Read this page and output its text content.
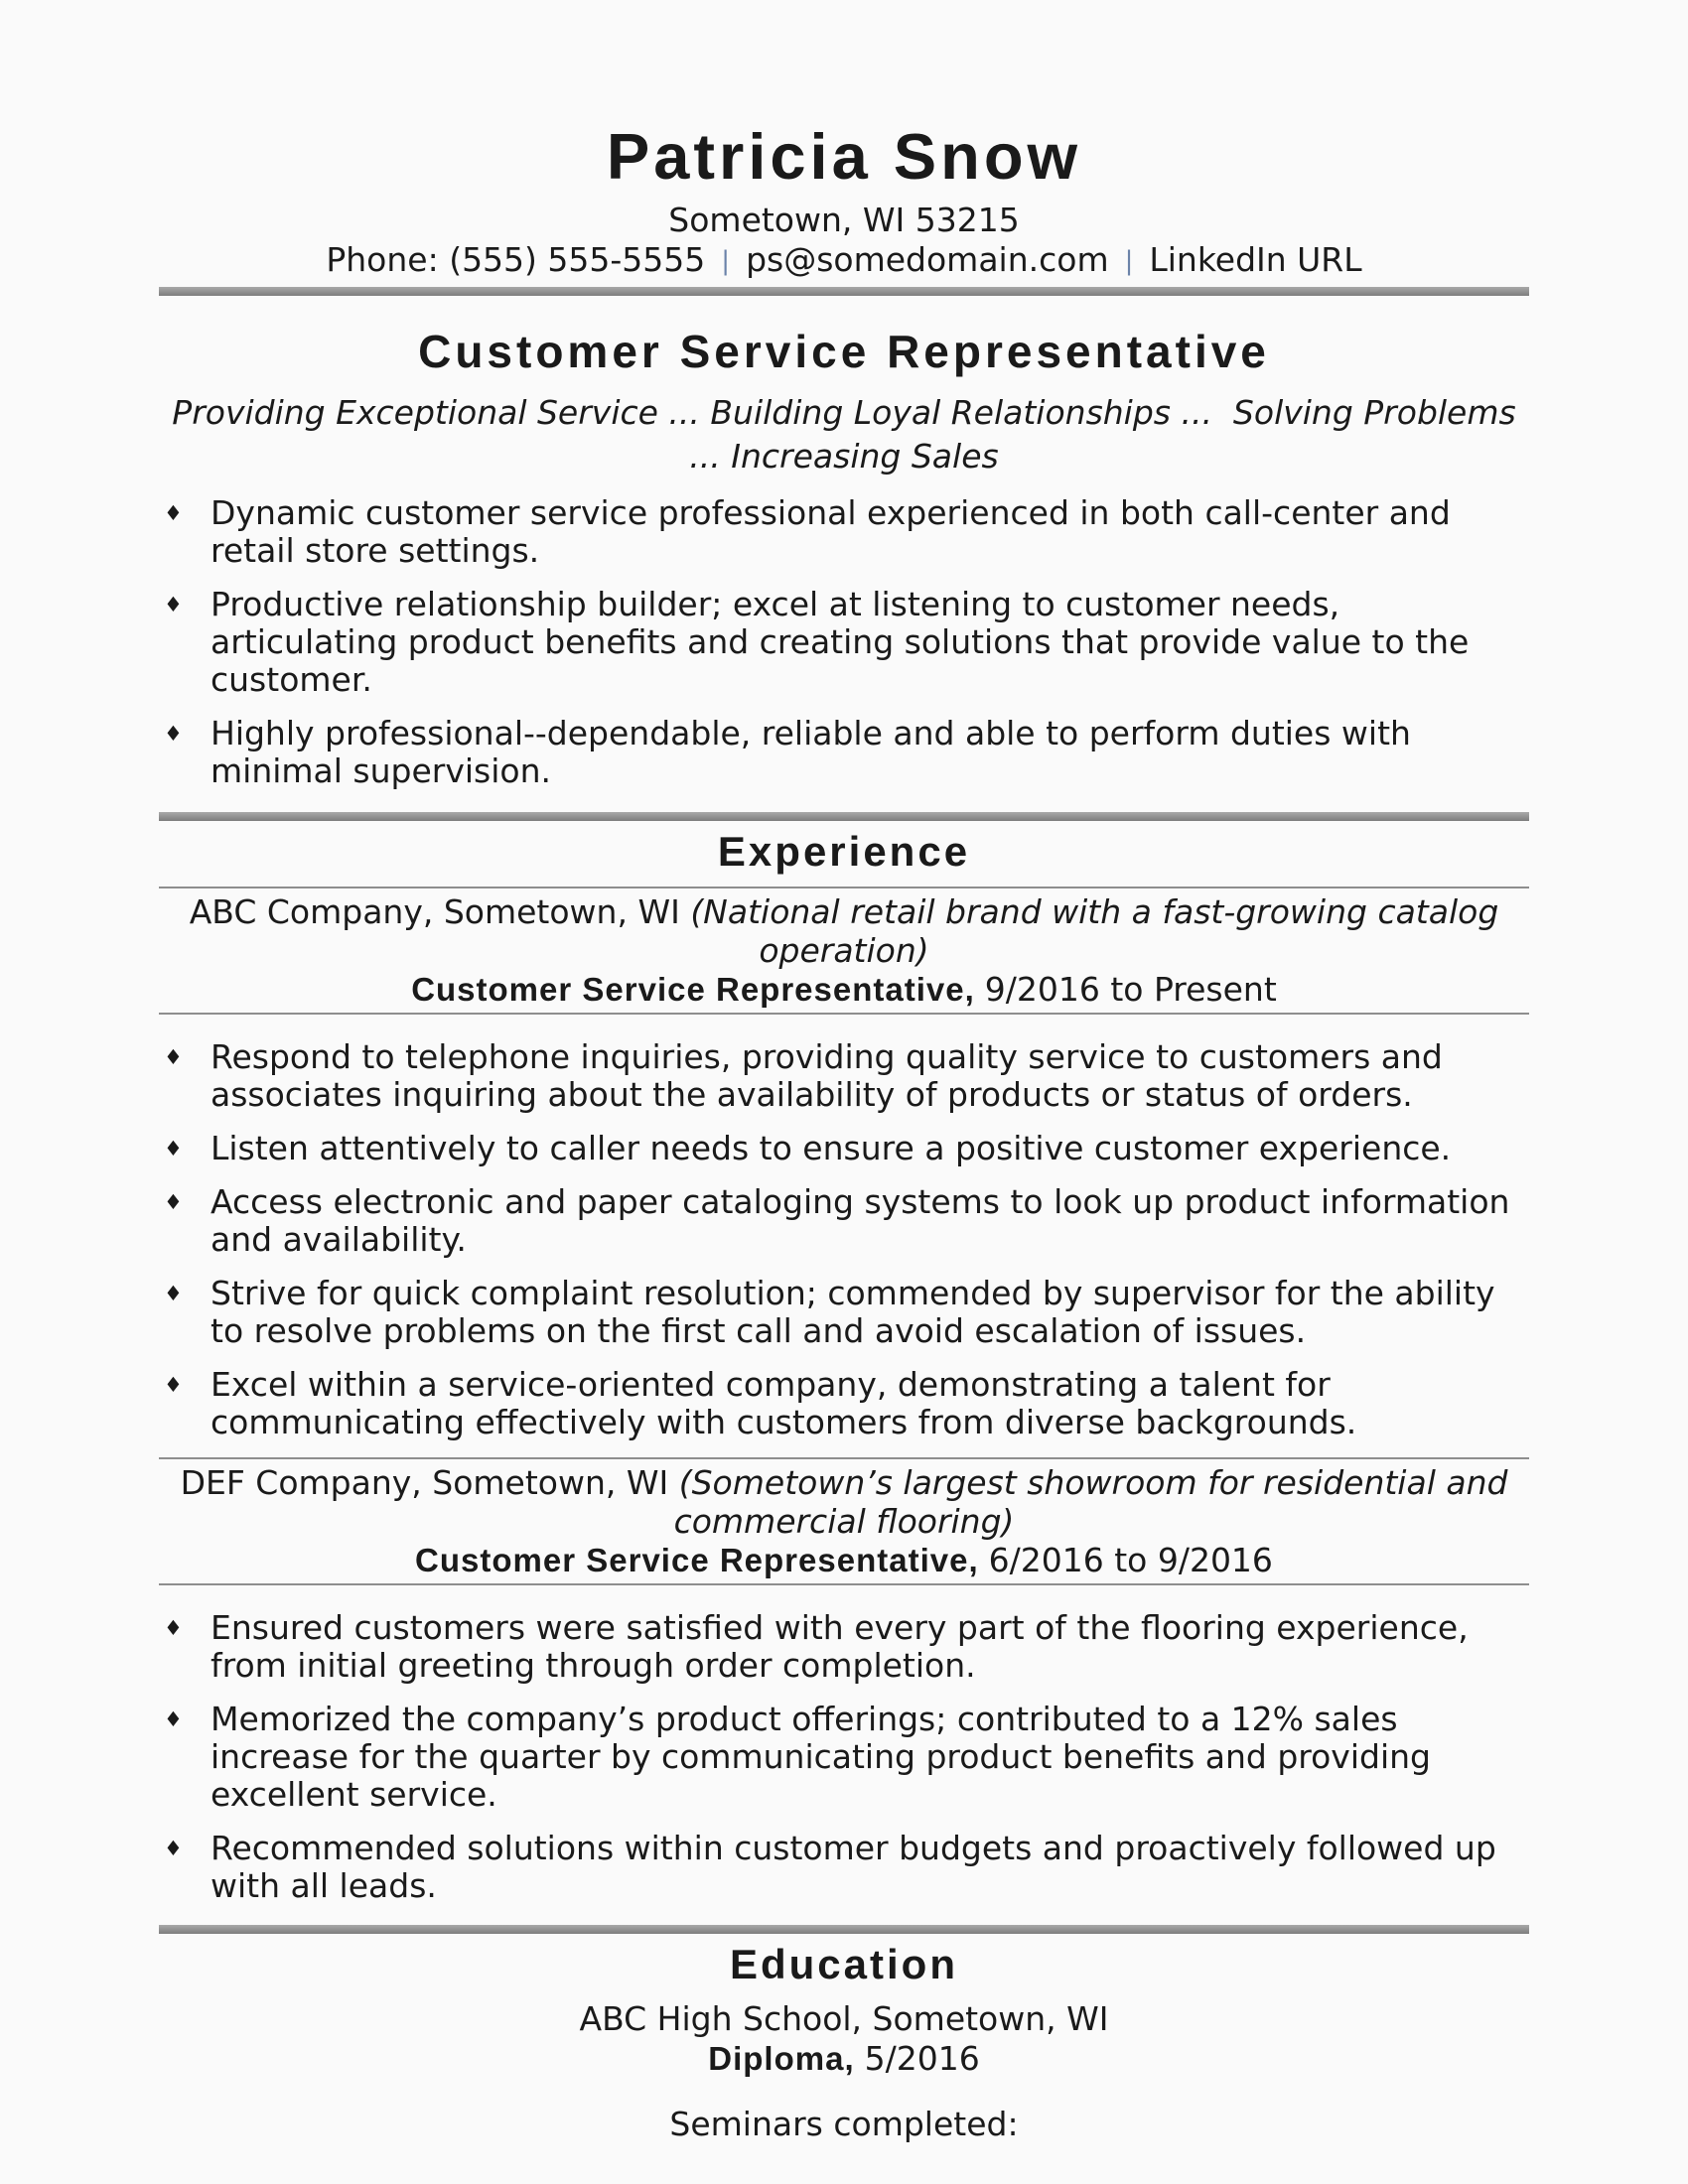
Patricia Snow
Sometown, WI 53215
Phone: (555) 555-5555 | ps@somedomain.com | LinkedIn URL
Customer Service Representative
Providing Exceptional Service ... Building Loyal Relationships ...  Solving Problems ... Increasing Sales
♦ Dynamic customer service professional experienced in both call-center and retail store settings.
♦ Productive relationship builder; excel at listening to customer needs, articulating product benefits and creating solutions that provide value to the customer.
♦ Highly professional--dependable, reliable and able to perform duties with minimal supervision.
Experience
ABC Company, Sometown, WI (National retail brand with a fast-growing catalog operation)
Customer Service Representative, 9/2016 to Present
♦ Respond to telephone inquiries, providing quality service to customers and associates inquiring about the availability of products or status of orders.
♦ Listen attentively to caller needs to ensure a positive customer experience.
♦ Access electronic and paper cataloging systems to look up product information and availability.
♦ Strive for quick complaint resolution; commended by supervisor for the ability to resolve problems on the first call and avoid escalation of issues.
♦ Excel within a service-oriented company, demonstrating a talent for communicating effectively with customers from diverse backgrounds.
DEF Company, Sometown, WI (Sometown’s largest showroom for residential and commercial flooring)
Customer Service Representative, 6/2016 to 9/2016
♦ Ensured customers were satisfied with every part of the flooring experience, from initial greeting through order completion.
♦ Memorized the company’s product offerings; contributed to a 12% sales increase for the quarter by communicating product benefits and providing excellent service.
♦ Recommended solutions within customer budgets and proactively followed up with all leads.
Education
ABC High School, Sometown, WI
Diploma, 5/2016
Seminars completed:
